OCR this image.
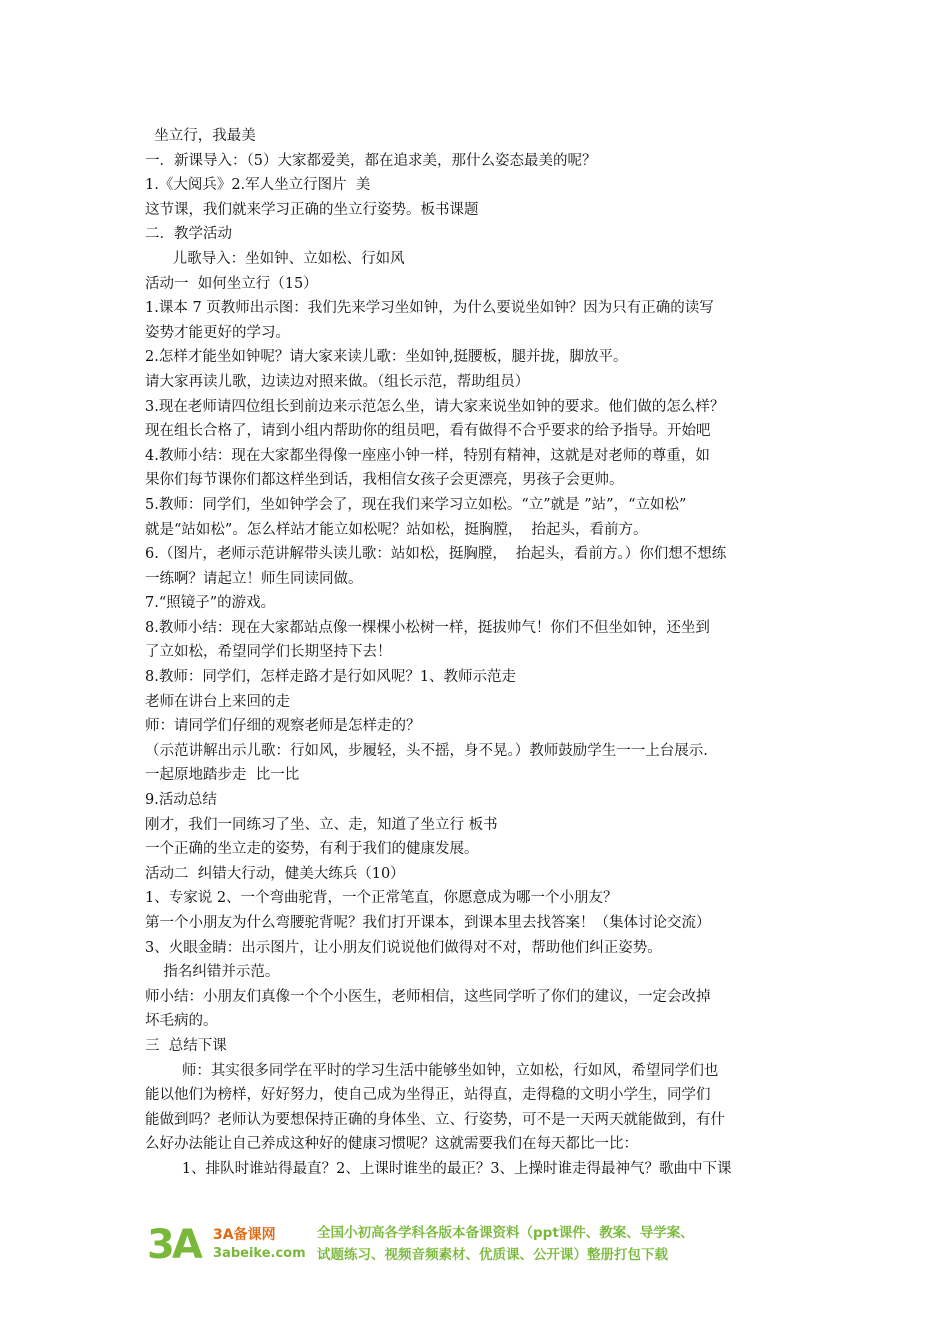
坐立行，我最美
一．新课导入：（5）大家都爱美，都在追求美，那什么姿态最美的呢？
1.《大阅兵》2.军人坐立行图片  美
这节课，我们就来学习正确的坐立行姿势。板书课题
二．教学活动
儿歌导入：坐如钟、立如松、行如风
活动一  如何坐立行（15）
1.课本 7 页教师出示图：我们先来学习坐如钟，为什么要说坐如钟？因为只有正确的读写
姿势才能更好的学习。
2.怎样才能坐如钟呢？请大家来读儿歌：坐如钟,挺腰板，腿并拢，脚放平。
请大家再读儿歌，边读边对照来做。（组长示范，帮助组员）
3.现在老师请四位组长到前边来示范怎么坐，请大家来说坐如钟的要求。他们做的怎么样？
现在组长合格了，请到小组内帮助你的组员吧，看有做得不合乎要求的给予指导。开始吧
4.教师小结：现在大家都坐得像一座座小钟一样，特别有精神，这就是对老师的尊重，如
果你们每节课你们都这样坐到话，我相信女孩子会更漂亮，男孩子会更帅。
5.教师：同学们，坐如钟学会了，现在我们来学习立如松。“立”就是 ”站”，“立如松”
就是“站如松”。怎么样站才能立如松呢？站如松，挺胸膛，  抬起头，看前方。
6.（图片，老师示范讲解带头读儿歌：站如松，挺胸膛，  抬起头，看前方。）你们想不想练
一练啊？请起立！师生同读同做。
7.“照镜子”的游戏。
8.教师小结：现在大家都站点像一棵棵小松树一样，挺拔帅气！你们不但坐如钟，还坐到
了立如松，希望同学们长期坚持下去！
8.教师：同学们，怎样走路才是行如风呢？1、教师示范走
老师在讲台上来回的走
师：请同学们仔细的观察老师是怎样走的？
（示范讲解出示儿歌：行如风，步履轻，头不摇，身不晃。）教师鼓励学生一一上台展示.
一起原地踏步走  比一比
9.活动总结
刚才，我们一同练习了坐、立、走，知道了坐立行 板书
一个正确的坐立走的姿势，有利于我们的健康发展。
活动二  纠错大行动，健美大练兵（10）
1、专家说 2、一个弯曲驼背，一个正常笔直，你愿意成为哪一个小朋友？
第一个小朋友为什么弯腰驼背呢？我们打开课本，到课本里去找答案！（集体讨论交流）
3、火眼金睛：出示图片，让小朋友们说说他们做得对不对，帮助他们纠正姿势。
指名纠错并示范。
师小结：小朋友们真像一个个小医生，老师相信，这些同学听了你们的建议，一定会改掉
坏毛病的。
三  总结下课
师：其实很多同学在平时的学习生活中能够坐如钟，立如松，行如风，希望同学们也
能以他们为榜样，好好努力，使自己成为坐得正，站得直，走得稳的文明小学生，同学们
能做到吗？老师认为要想保持正确的身体坐、立、行姿势，可不是一天两天就能做到，有什
么好办法能让自己养成这种好的健康习惯呢？这就需要我们在每天都比一比：
1、排队时谁站得最直？2、上课时谁坐的最正？3、上操时谁走得最神气？歌曲中下课
3A 3A备课网
3abeike.com
全国小初高各学科各版本备课资料（ppt课件、教案、导学案、
试题练习、视频音频素材、优质课、公开课）整册打包下载
